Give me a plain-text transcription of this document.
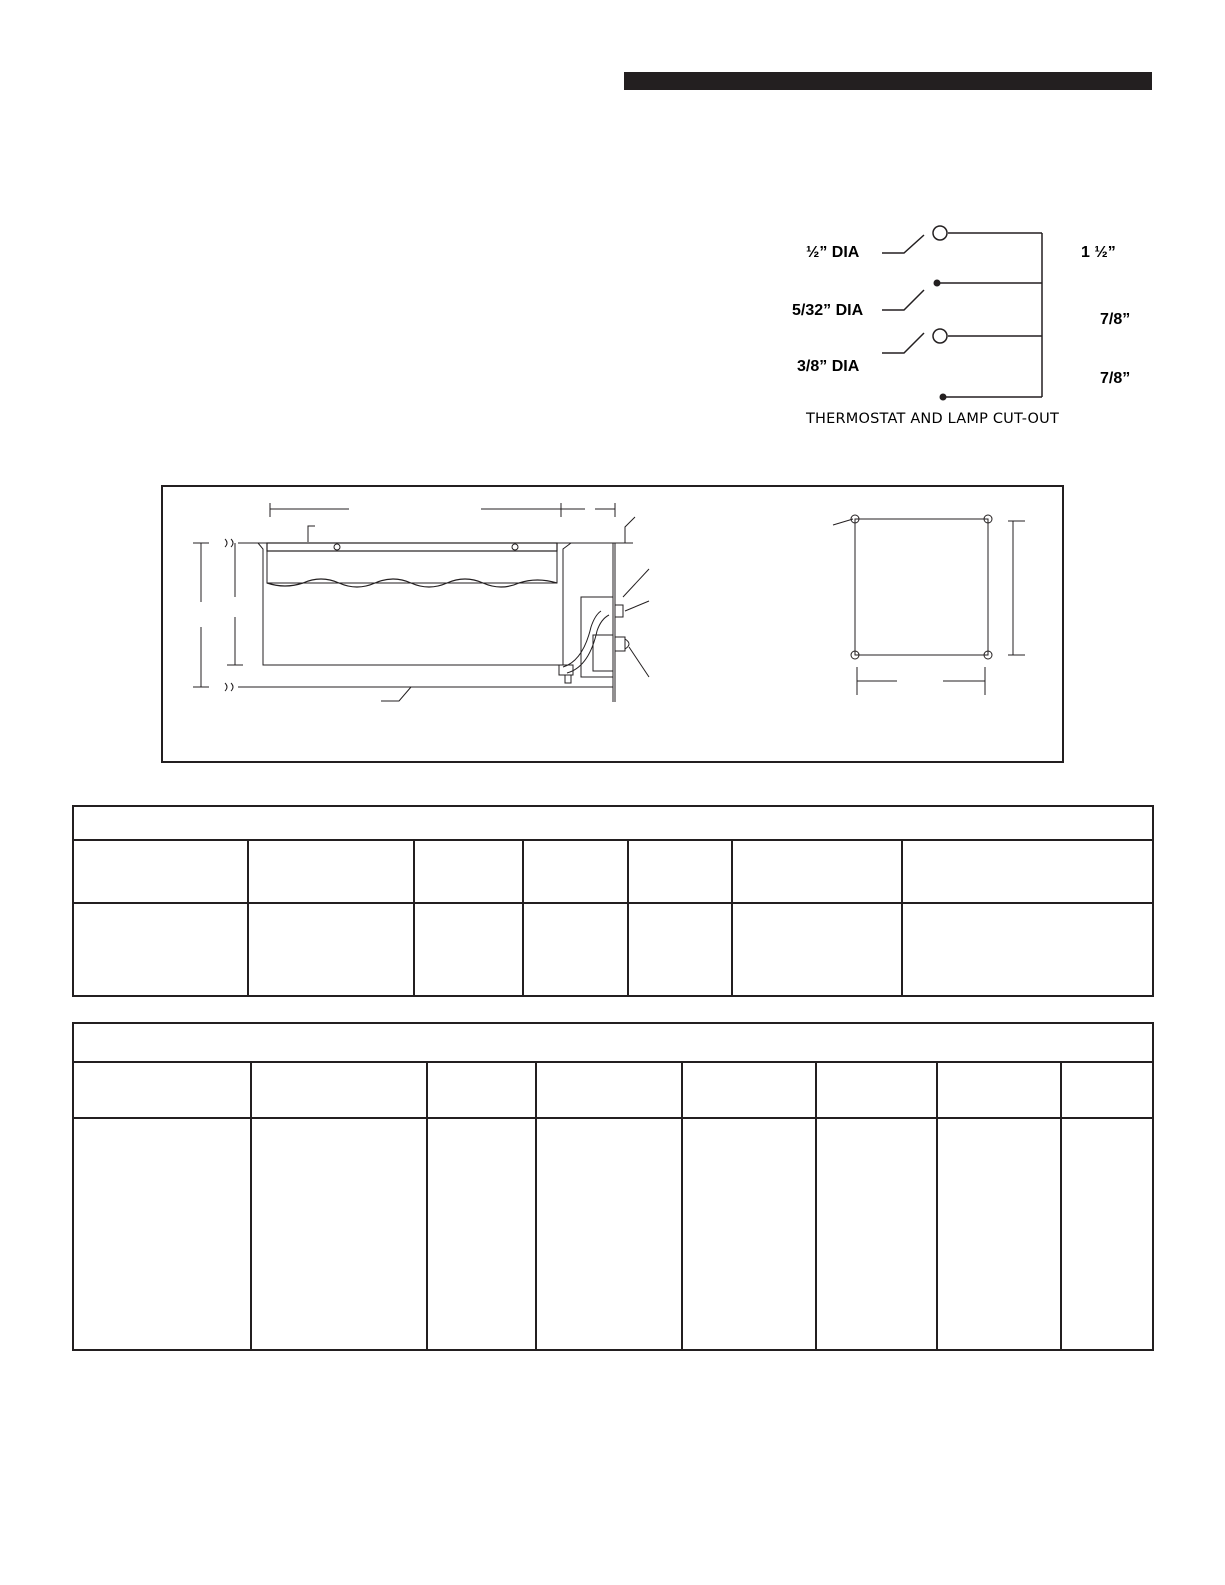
½” DIA
5/32” DIA
3/8” DIA
1 ½”
7/8”
7/8”
THERMOSTAT AND LAMP CUT-OUT
